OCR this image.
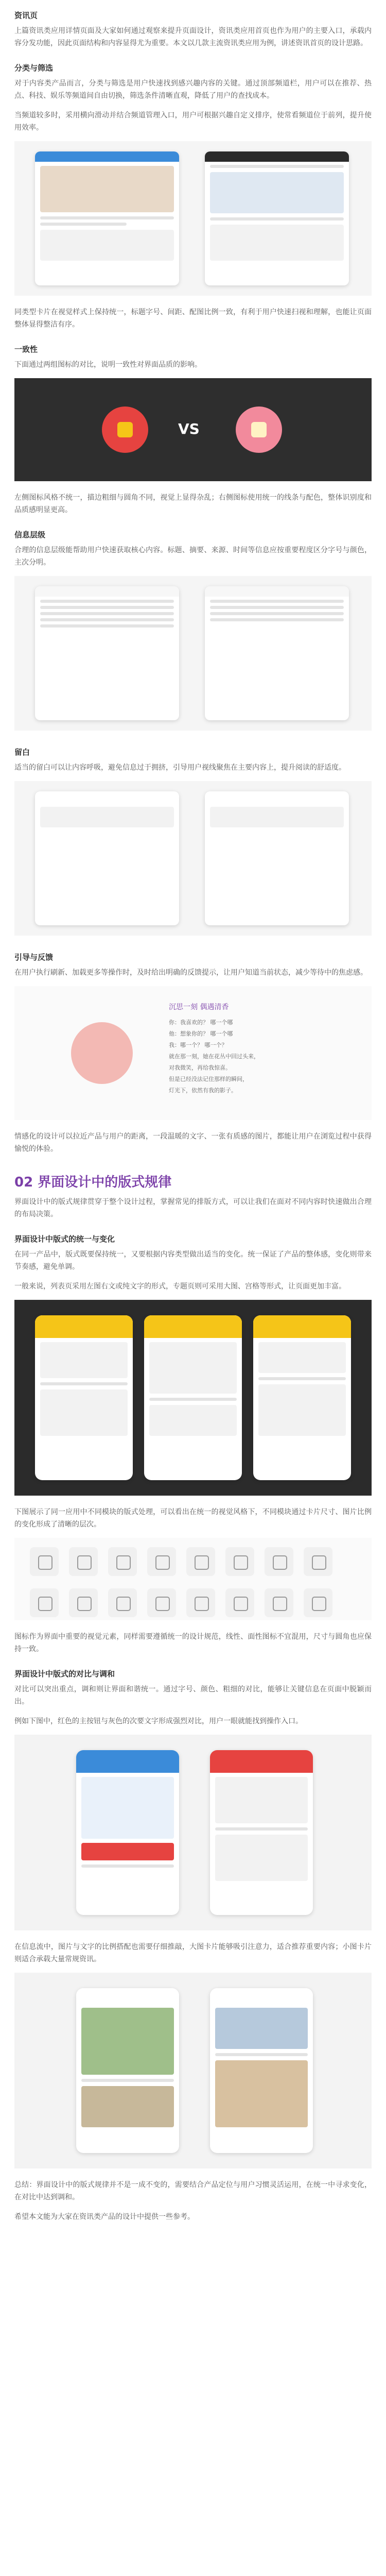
资讯页

上篇资讯类应用详情页面及大家如何通过观察来提升页面设计，资讯类应用首页也作为用户的主要入口，承载内容分发功能，因此页面结构和内容显得尤为重要。本文以几款主流资讯类应用为例，讲述资讯首页的设计思路。

分类与筛选

对于内容类产品而言，分类与筛选是用户快速找到感兴趣内容的关键。通过顶部频道栏，用户可以在推荐、热点、科技、娱乐等频道间自由切换，筛选条件清晰直观，降低了用户的查找成本。

当频道较多时，采用横向滑动并结合频道管理入口，用户可根据兴趣自定义排序，使常看频道位于前列，提升使用效率。

同类型卡片在视觉样式上保持统一，标题字号、间距、配图比例一致，有利于用户快速扫视和理解，也能让页面整体显得整洁有序。

一致性

下面通过两组图标的对比，说明一致性对界面品质的影响。

VS

左侧图标风格不统一，描边粗细与圆角不同，视觉上显得杂乱；右侧图标使用统一的线条与配色，整体识别度和品质感明显更高。

信息层级

合理的信息层级能帮助用户快速获取核心内容。标题、摘要、来源、时间等信息应按重要程度区分字号与颜色，主次分明。

留白

适当的留白可以让内容呼吸，避免信息过于拥挤，引导用户视线聚焦在主要内容上，提升阅读的舒适度。

引导与反馈

在用户执行刷新、加载更多等操作时，及时给出明确的反馈提示，让用户知道当前状态，减少等待中的焦虑感。

沉思一刻 偶遇清香
你：我喜欢的？ 哪一个哪
他：想象你的？ 哪一个哪
我：哪一个？ 哪一个？
就在那一刻，她在花丛中回过头来，
对我微笑，再给我惊喜。
但是已经没法记住那样的瞬间，
灯光下，依然有我的影子。

情感化的设计可以拉近产品与用户的距离，一段温暖的文字、一张有质感的图片，都能让用户在浏览过程中获得愉悦的体验。

02 界面设计中的版式规律

界面设计中的版式规律贯穿于整个设计过程，掌握常见的排版方式，可以让我们在面对不同内容时快速做出合理的布局决策。

界面设计中版式的统一与变化

在同一产品中，版式既要保持统一，又要根据内容类型做出适当的变化。统一保证了产品的整体感，变化则带来节奏感，避免单调。

一般来说，列表页采用左图右文或纯文字的形式，专题页则可采用大图、宫格等形式，让页面更加丰富。

下图展示了同一应用中不同模块的版式处理，可以看出在统一的视觉风格下，不同模块通过卡片尺寸、图片比例的变化形成了清晰的层次。

图标作为界面中重要的视觉元素，同样需要遵循统一的设计规范，线性、面性图标不宜混用，尺寸与圆角也应保持一致。

界面设计中版式的对比与调和

对比可以突出重点，调和则让界面和谐统一。通过字号、颜色、粗细的对比，能够让关键信息在页面中脱颖而出。

例如下图中，红色的主按钮与灰色的次要文字形成强烈对比，用户一眼就能找到操作入口。

在信息流中，图片与文字的比例搭配也需要仔细推敲，大图卡片能够吸引注意力，适合推荐重要内容；小图卡片则适合承载大量常规资讯。

总结：界面设计中的版式规律并不是一成不变的，需要结合产品定位与用户习惯灵活运用，在统一中寻求变化，在对比中达到调和。

希望本文能为大家在资讯类产品的设计中提供一些参考。
